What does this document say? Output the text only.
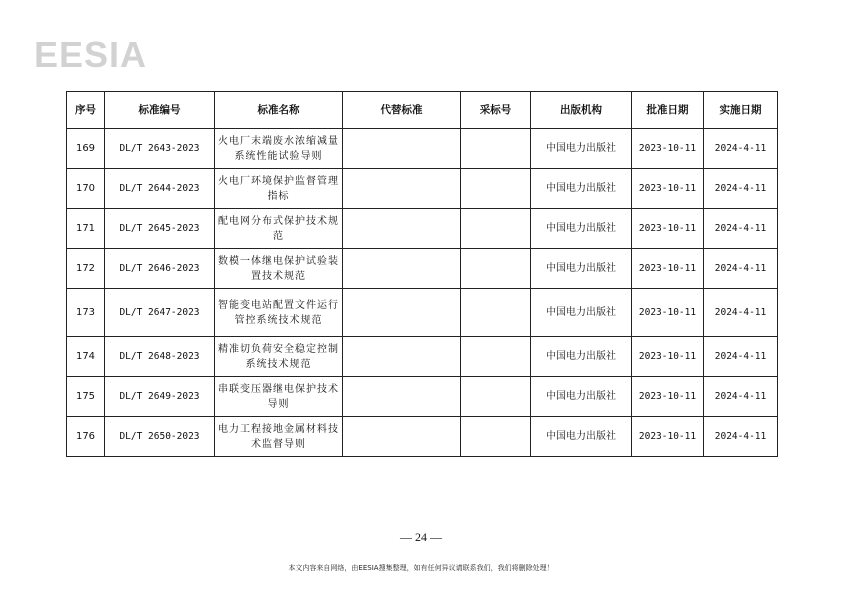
EESIA
序号	标准编号	标准名称	代替标准	采标号	出版机构	批准日期	实施日期
169	DL/T 2643-2023	火电厂末端废水浓缩减量系统性能试验导则			中国电力出版社	2023-10-11	2024-4-11
170	DL/T 2644-2023	火电厂环境保护监督管理指标			中国电力出版社	2023-10-11	2024-4-11
171	DL/T 2645-2023	配电网分布式保护技术规范			中国电力出版社	2023-10-11	2024-4-11
172	DL/T 2646-2023	数模一体继电保护试验装置技术规范			中国电力出版社	2023-10-11	2024-4-11
173	DL/T 2647-2023	智能变电站配置文件运行管控系统技术规范			中国电力出版社	2023-10-11	2024-4-11
174	DL/T 2648-2023	精准切负荷安全稳定控制系统技术规范			中国电力出版社	2023-10-11	2024-4-11
175	DL/T 2649-2023	串联变压器继电保护技术导则			中国电力出版社	2023-10-11	2024-4-11
176	DL/T 2650-2023	电力工程接地金属材料技术监督导则			中国电力出版社	2023-10-11	2024-4-11
— 24 —
本文内容来自网络，由EESIA搜集整理，如有任何异议请联系我们，我们将删除处理！
